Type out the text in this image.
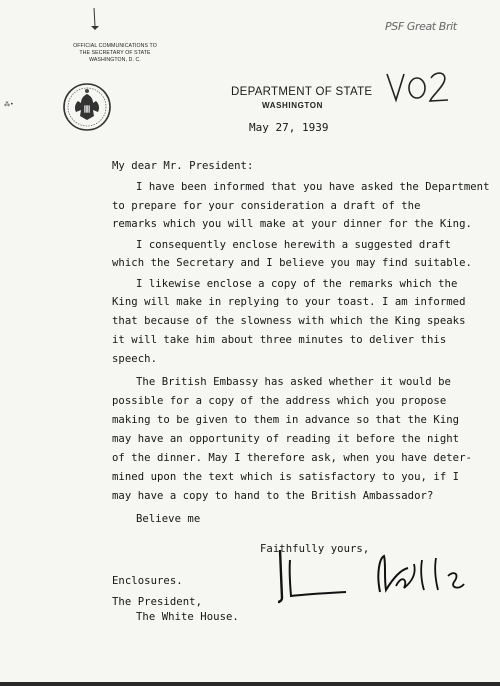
⁂•
OFFICIAL COMMUNICATIONS TO
THE SECRETARY OF STATE
WASHINGTON, D. C.
DEPARTMENT OF STATE
WASHINGTON
PSF Great Brit
May 27, 1939
My dear Mr. President:
I have been informed that you have asked the Department
to prepare for your consideration a draft of the
remarks which you will make at your dinner for the King.
I consequently enclose herewith a suggested draft
which the Secretary and I believe you may find suitable.
I likewise enclose a copy of the remarks which the
King will make in replying to your toast. I am informed
that because of the slowness with which the King speaks
it will take him about three minutes to deliver this
speech.
The British Embassy has asked whether it would be
possible for a copy of the address which you propose
making to be given to them in advance so that the King
may have an opportunity of reading it before the night
of the dinner. May I therefore ask, when you have deter-
mined upon the text which is satisfactory to you, if I
may have a copy to hand to the British Ambassador?
Believe me
Faithfully yours,
Enclosures.
The President,
The White House.
